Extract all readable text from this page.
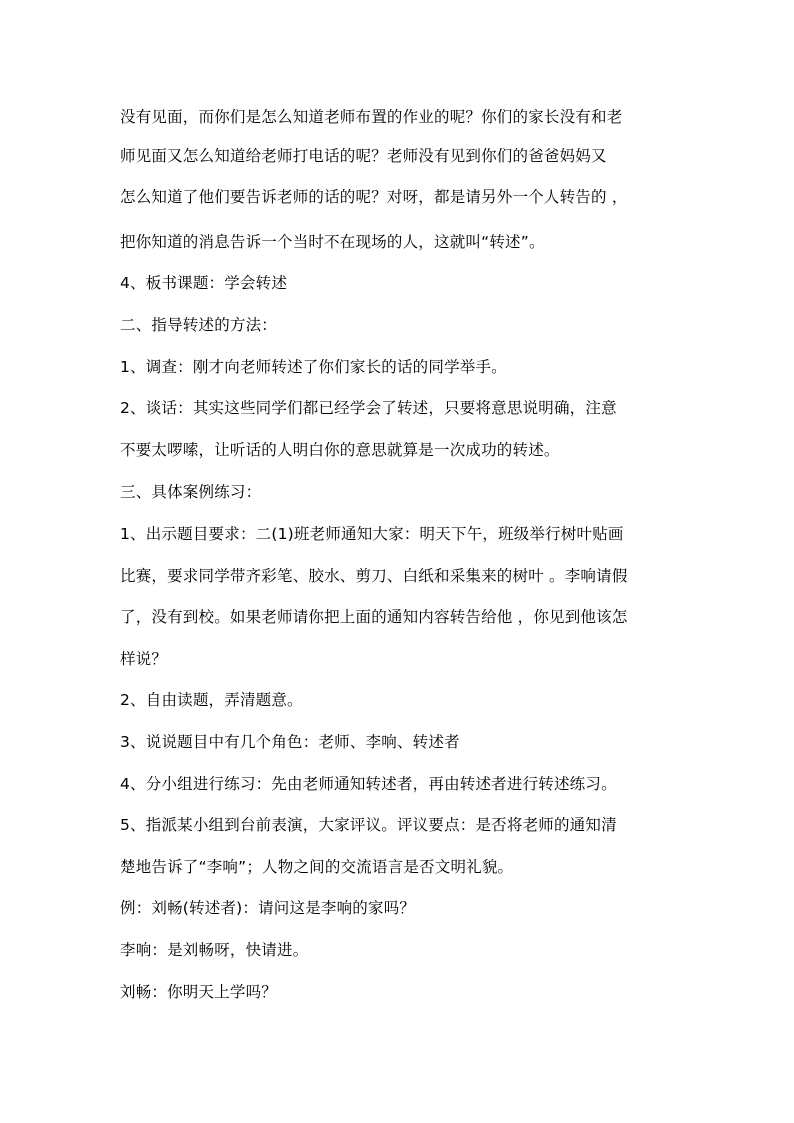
没有见面，而你们是怎么知道老师布置的作业的呢？你们的家长没有和老
师见面又怎么知道给老师打电话的呢？老师没有见到你们的爸爸妈妈又
怎么知道了他们要告诉老师的话的呢？对呀，都是请另外一个人转告的 ，
把你知道的消息告诉一个当时不在现场的人，这就叫“转述”。
4、板书课题：学会转述
二、指导转述的方法：
1、调查：刚才向老师转述了你们家长的话的同学举手。
2、谈话：其实这些同学们都已经学会了转述，只要将意思说明确，注意
不要太啰嗦，让听话的人明白你的意思就算是一次成功的转述。
三、具体案例练习：
1、出示题目要求：二(1)班老师通知大家：明天下午，班级举行树叶贴画
比赛，要求同学带齐彩笔、胶水、剪刀、白纸和采集来的树叶 。李响请假
了，没有到校。如果老师请你把上面的通知内容转告给他 ，你见到他该怎
样说？
2、自由读题，弄清题意。
3、说说题目中有几个角色：老师、李响、转述者
4、分小组进行练习：先由老师通知转述者，再由转述者进行转述练习。
5、指派某小组到台前表演，大家评议。评议要点：是否将老师的通知清
楚地告诉了“李响”；人物之间的交流语言是否文明礼貌。
例：刘畅(转述者)：请问这是李响的家吗？
李响：是刘畅呀，快请进。
刘畅：你明天上学吗？
